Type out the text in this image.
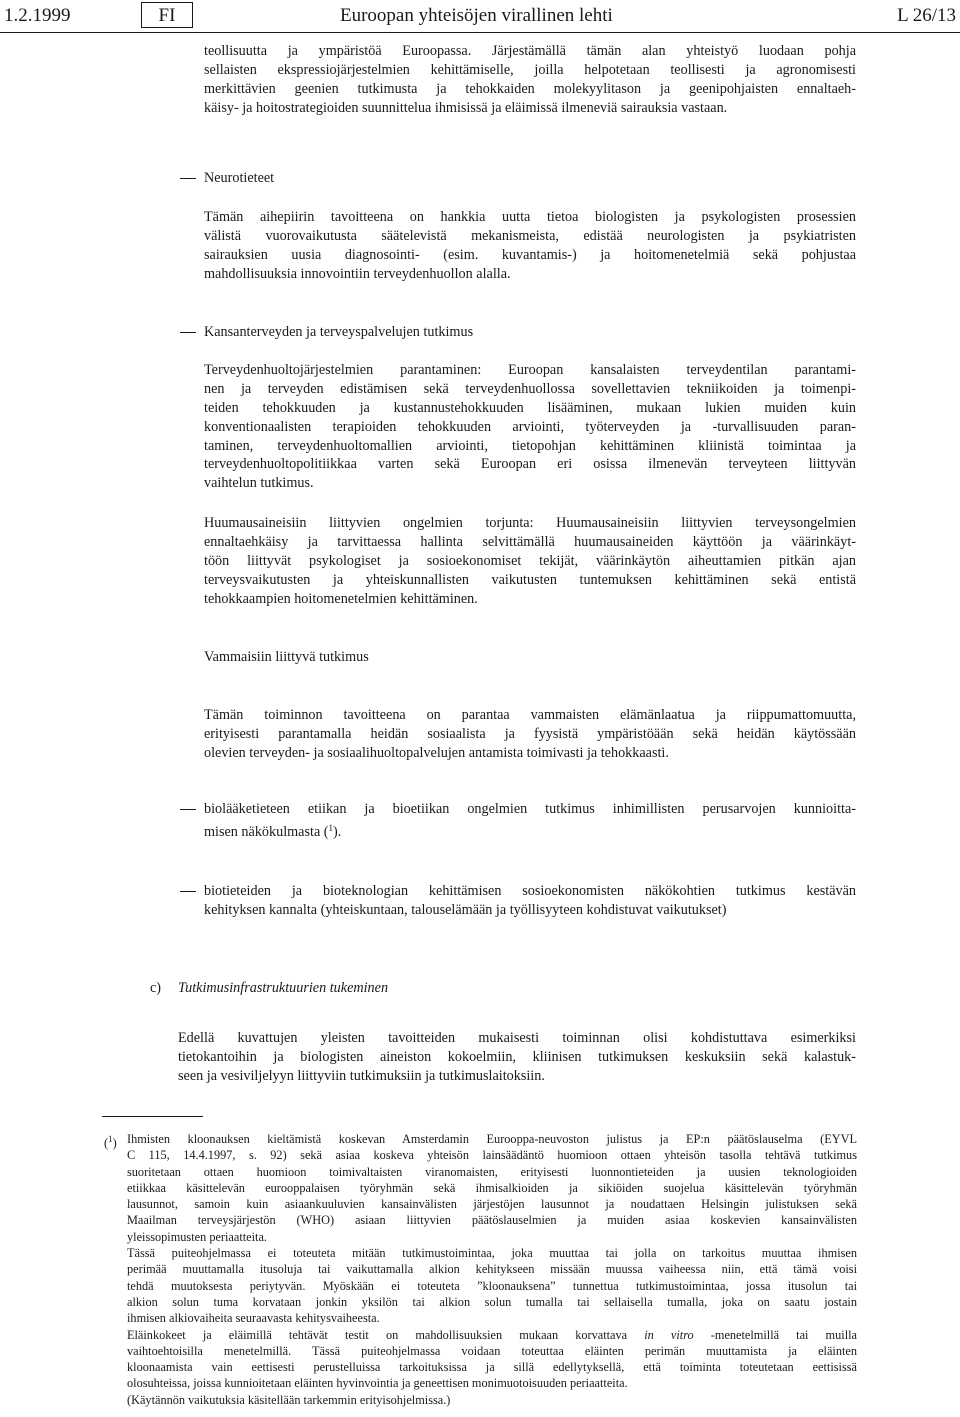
1.2.1999	FI	Euroopan yhteisöjen virallinen lehti	L 26/13
teollisuutta ja ympäristöä Euroopassa. Järjestämällä tämän alan yhteistyö luodaan pohja
sellaisten ekspressiojärjestelmien kehittämiselle, joilla helpotetaan teollisesti ja agronomisesti
merkittävien geenien tutkimusta ja tehokkaiden molekyylitason ja geenipohjaisten ennaltaeh-
käisy- ja hoitostrategioiden suunnittelua ihmisissä ja eläimissä ilmeneviä sairauksia vastaan.
Neurotieteet
Tämän aihepiirin tavoitteena on hankkia uutta tietoa biologisten ja psykologisten prosessien
välistä vuorovaikutusta säätelevistä mekanismeista, edistää neurologisten ja psykiatristen
sairauksien uusia diagnosointi- (esim. kuvantamis-) ja hoitomenetelmiä sekä pohjustaa
mahdollisuuksia innovointiin terveydenhuollon alalla.
Kansanterveyden ja terveyspalvelujen tutkimus
Terveydenhuoltojärjestelmien parantaminen: Euroopan kansalaisten terveydentilan parantami-
nen ja terveyden edistämisen sekä terveydenhuollossa sovellettavien tekniikoiden ja toimenpi-
teiden tehokkuuden ja kustannustehokkuuden lisääminen, mukaan lukien muiden kuin
konventionaalisten terapioiden tehokkuuden arviointi, työterveyden ja -turvallisuuden paran-
taminen, terveydenhuoltomallien arviointi, tietopohjan kehittäminen kliinistä toimintaa ja
terveydenhuoltopolitiikkaa varten sekä Euroopan eri osissa ilmenevän terveyteen liittyvän
vaihtelun tutkimus.
Huumausaineisiin liittyvien ongelmien torjunta: Huumausaineisiin liittyvien terveysongelmien
ennaltaehkäisy ja tarvittaessa hallinta selvittämällä huumausaineiden käyttöön ja väärinkäyt-
töön liittyvät psykologiset ja sosioekonomiset tekijät, väärinkäytön aiheuttamien pitkän ajan
terveysvaikutusten ja yhteiskunnallisten vaikutusten tuntemuksen kehittäminen sekä entistä
tehokkaampien hoitomenetelmien kehittäminen.
Vammaisiin liittyvä tutkimus
Tämän toiminnon tavoitteena on parantaa vammaisten elämänlaatua ja riippumattomuutta,
erityisesti parantamalla heidän sosiaalista ja fyysistä ympäristöään sekä heidän käytössään
olevien terveyden- ja sosiaalihuoltopalvelujen antamista toimivasti ja tehokkaasti.
biolääketieteen etiikan ja bioetiikan ongelmien tutkimus inhimillisten perusarvojen kunnioitta-
misen näkökulmasta ($^1$).
biotieteiden ja bioteknologian kehittämisen sosioekonomisten näkökohtien tutkimus kestävän
kehityksen kannalta (yhteiskuntaan, talouselämään ja työllisyyteen kohdistuvat vaikutukset)
c) Tutkimusinfrastruktuurien tukeminen
Edellä kuvattujen yleisten tavoitteiden mukaisesti toiminnan olisi kohdistuttava esimerkiksi
tietokantoihin ja biologisten aineiston kokoelmiin, kliinisen tutkimuksen keskuksiin sekä kalastuk-
seen ja vesiviljelyyn liittyviin tutkimuksiin ja tutkimuslaitoksiin.
($^1$) Ihmisten kloonauksen kieltämistä koskevan Amsterdamin Eurooppa-neuvoston julistus ja EP:n päätöslauselma (EYVL
C 115, 14.4.1997, s. 92) sekä asiaa koskeva yhteisön lainsäädäntö huomioon ottaen yhteisön tasolla tehtävä tutkimus
suoritetaan ottaen huomioon toimivaltaisten viranomaisten, erityisesti luonnontieteiden ja uusien teknologioiden
etiikkaa käsittelevän eurooppalaisen työryhmän sekä ihmisalkioiden ja sikiöiden suojelua käsittelevän työryhmän
lausunnot, samoin kuin asiaankuuluvien kansainvälisten järjestöjen lausunnot ja noudattaen Helsingin julistuksen sekä
Maailman terveysjärjestön (WHO) asiaan liittyvien päätöslauselmien ja muiden asiaa koskevien kansainvälisten
yleissopimusten periaatteita.
Tässä puiteohjelmassa ei toteuteta mitään tutkimustoimintaa, joka muuttaa tai jolla on tarkoitus muuttaa ihmisen
perimää muuttamalla itusoluja tai vaikuttamalla alkion kehitykseen missään muussa vaiheessa niin, että tämä voisi
tehdä muutoksesta periytyvän. Myöskään ei toteuteta ”kloonauksena” tunnettua tutkimustoimintaa, jossa itusolun tai
alkion solun tuma korvataan jonkin yksilön tai alkion solun tumalla tai sellaisella tumalla, joka on saatu jostain
ihmisen alkiovaiheita seuraavasta kehitysvaiheesta.
Eläinkokeet ja eläimillä tehtävät testit on mahdollisuuksien mukaan korvattava in vitro -menetelmillä tai muilla
vaihtoehtoisilla menetelmillä. Tässä puiteohjelmassa voidaan toteuttaa eläinten perimän muuttamista ja eläinten
kloonaamista vain eettisesti perustelluissa tarkoituksissa ja sillä edellytyksellä, että toiminta toteutetaan eettisissä
olosuhteissa, joissa kunnioitetaan eläinten hyvinvointia ja geneettisen monimuotoisuuden periaatteita.
(Käytännön vaikutuksia käsitellään tarkemmin erityisohjelmissa.)
